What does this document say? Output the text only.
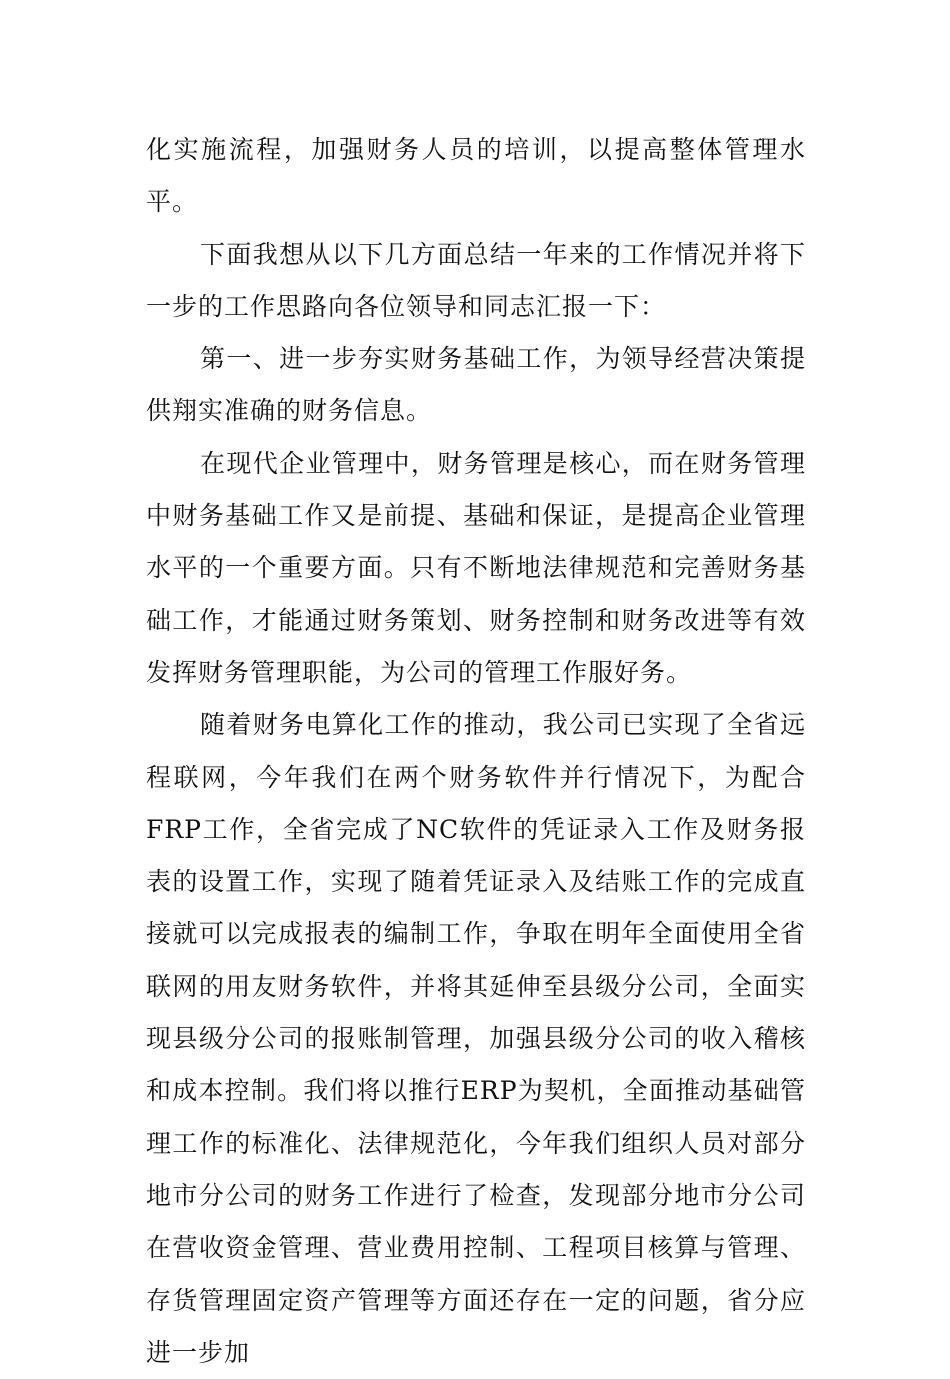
化实施流程，加强财务人员的培训，以提高整体管理水平。

下面我想从以下几方面总结一年来的工作情况并将下一步的工作思路向各位领导和同志汇报一下：

第一、进一步夯实财务基础工作，为领导经营决策提供翔实准确的财务信息。

在现代企业管理中，财务管理是核心，而在财务管理中财务基础工作又是前提、基础和保证，是提高企业管理水平的一个重要方面。只有不断地法律规范和完善财务基础工作，才能通过财务策划、财务控制和财务改进等有效发挥财务管理职能，为公司的管理工作服好务。

随着财务电算化工作的推动，我公司已实现了全省远程联网，今年我们在两个财务软件并行情况下，为配合FRP工作，全省完成了NC软件的凭证录入工作及财务报表的设置工作，实现了随着凭证录入及结账工作的完成直接就可以完成报表的编制工作，争取在明年全面使用全省联网的用友财务软件，并将其延伸至县级分公司，全面实现县级分公司的报账制管理，加强县级分公司的收入稽核和成本控制。我们将以推行ERP为契机，全面推动基础管理工作的标准化、法律规范化，今年我们组织人员对部分地市分公司的财务工作进行了检查，发现部分地市分公司在营收资金管理、营业费用控制、工程项目核算与管理、存货管理固定资产管理等方面还存在一定的问题，省分应进一步加
